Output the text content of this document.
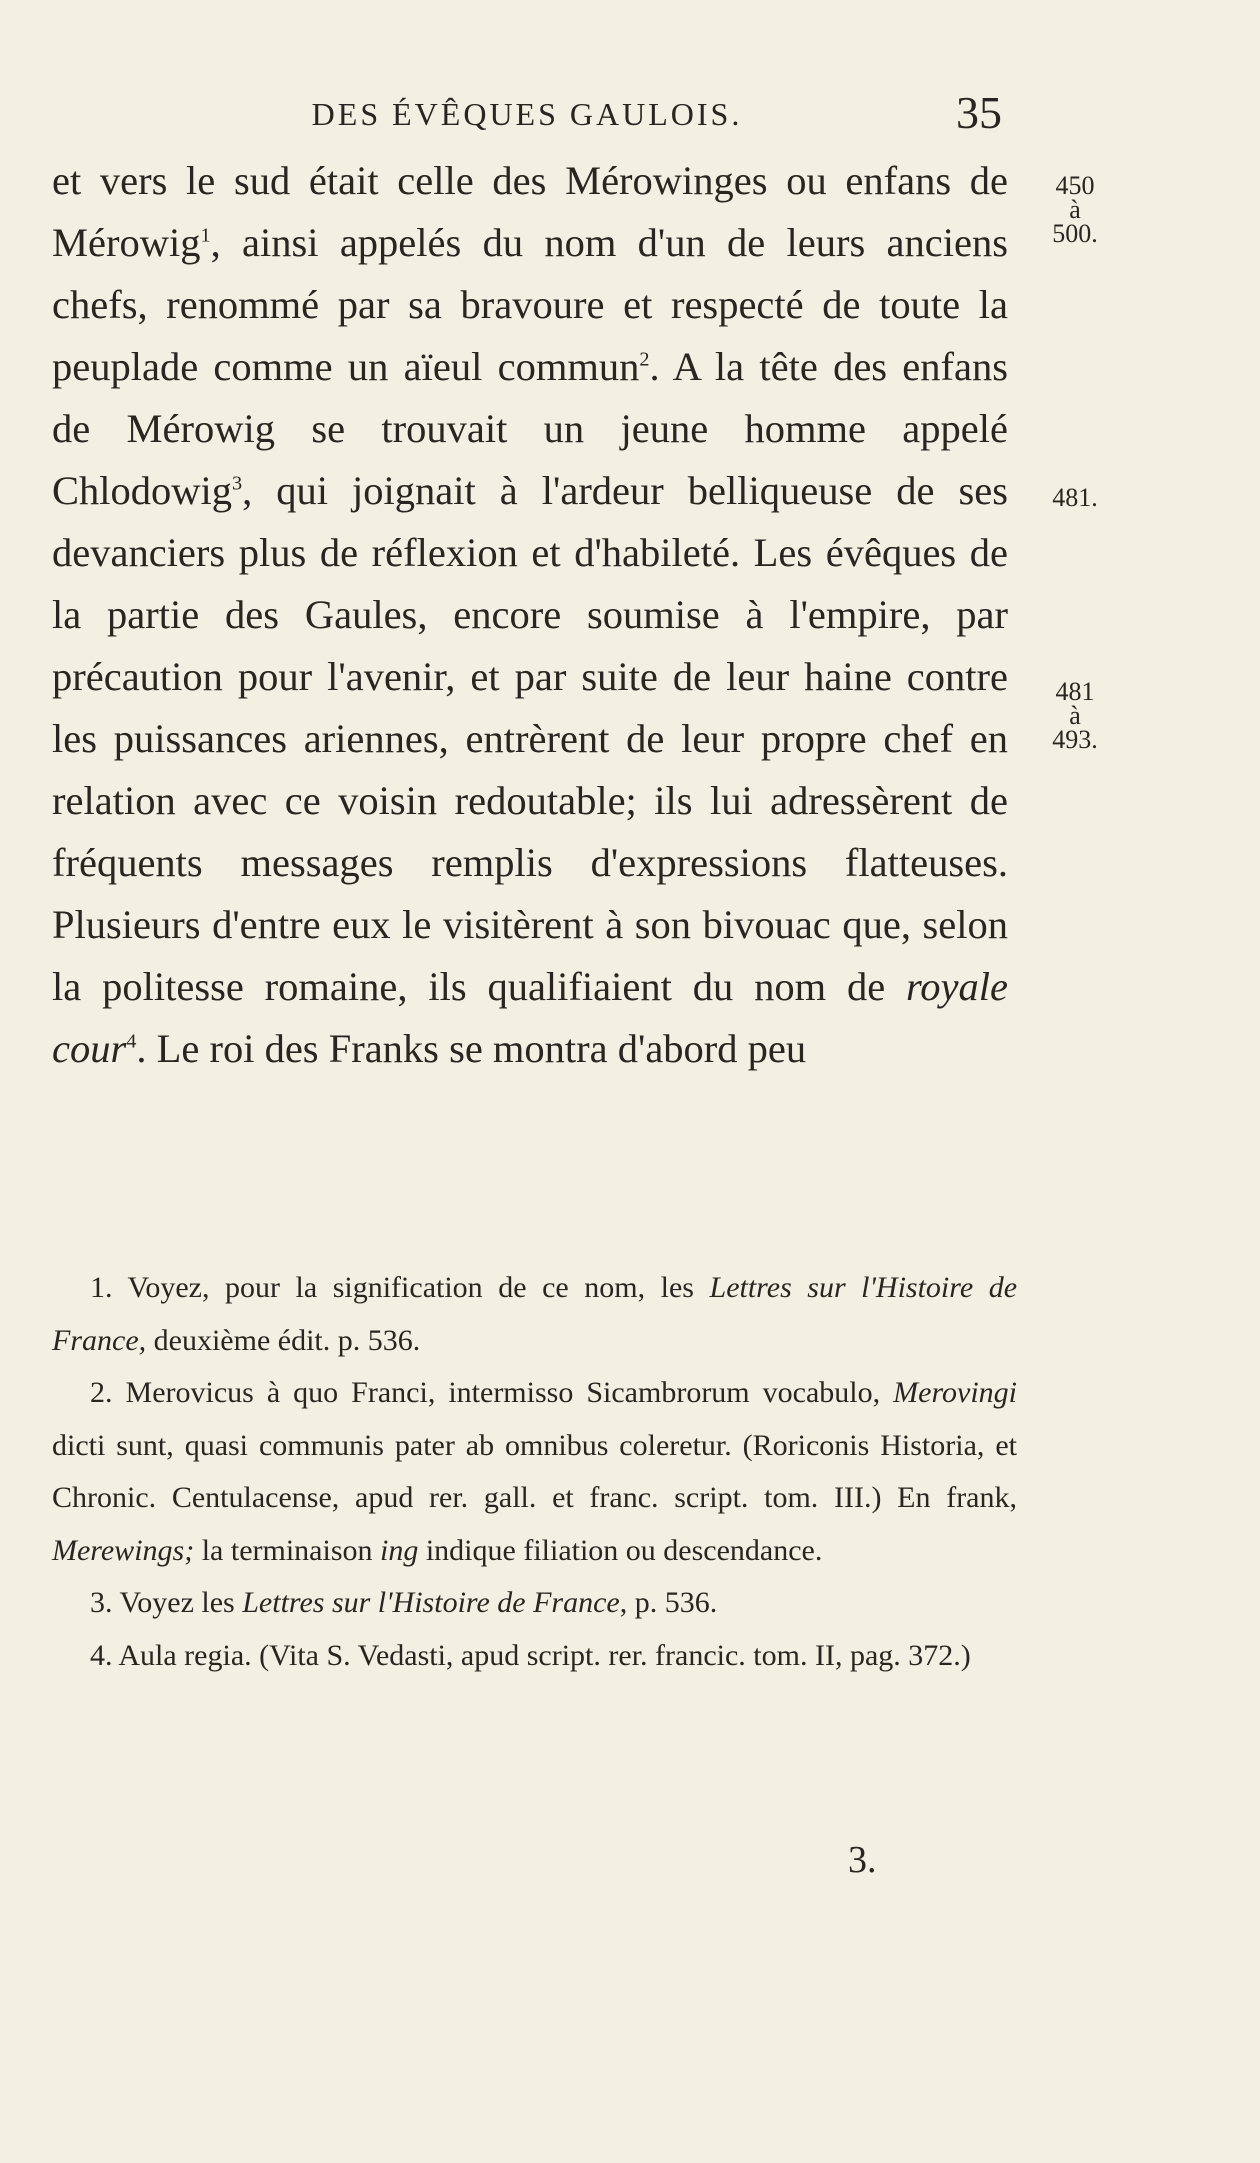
DES ÉVÊQUES GAULOIS.	35

et vers le sud était celle des Mérowinges ou enfans de Mérowig$^1$, ainsi appelés du nom d'un de leurs anciens chefs, renommé par sa bravoure et respecté de toute la peuplade comme un aïeul commun$^2$. A la tête des enfans de Mérowig se trouvait un jeune homme appelé Chlodowig$^3$, qui joignait à l'ardeur belliqueuse de ses devanciers plus de réflexion et d'habileté. Les évêques de la partie des Gaules, encore soumise à l'empire, par précaution pour l'avenir, et par suite de leur haine contre les puissances ariennes, entrèrent de leur propre chef en relation avec ce voisin redoutable; ils lui adressèrent de fréquents messages remplis d'expressions flatteuses. Plusieurs d'entre eux le visitèrent à son bivouac que, selon la politesse romaine, ils qualifiaient du nom de royale cour$^4$. Le roi des Franks se montra d'abord peu

450
à
500.
481.
481
à
493.

1. Voyez, pour la signification de ce nom, les Lettres sur l'Histoire de France, deuxième édit. p. 536.

2. Merovicus à quo Franci, intermisso Sicambrorum vocabulo, Merovingi dicti sunt, quasi communis pater ab omnibus coleretur. (Roriconis Historia, et Chronic. Centulacense, apud rer. gall. et franc. script. tom. III.) En frank, Merewings; la terminaison ing indique filiation ou descendance.

3. Voyez les Lettres sur l'Histoire de France, p. 536.

4. Aula regia. (Vita S. Vedasti, apud script. rer. francic. tom. II, pag. 372.)

3.
